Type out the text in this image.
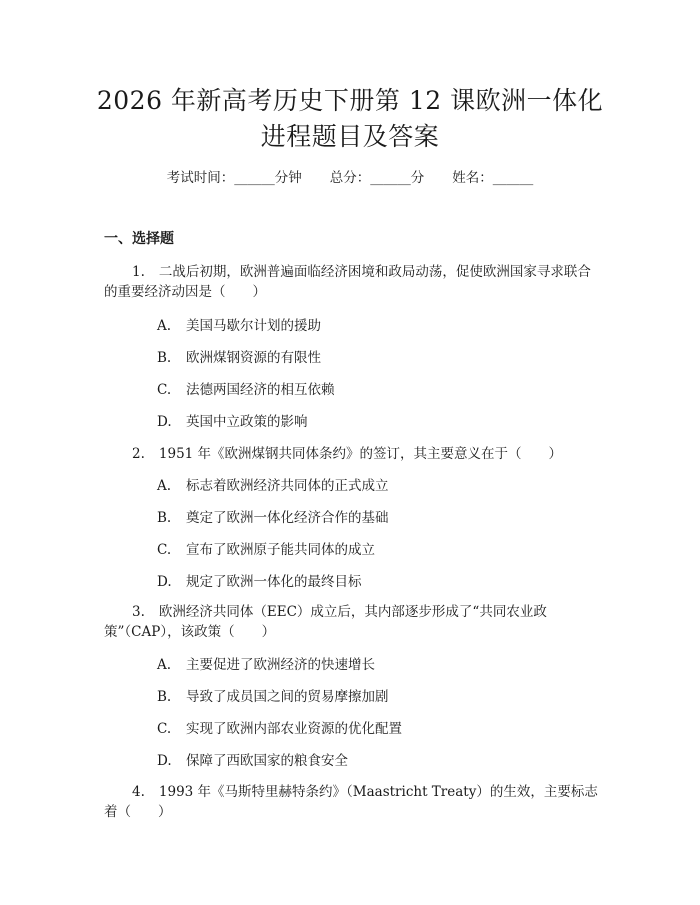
2026 年新高考历史下册第 12 课欧洲一体化
进程题目及答案
考试时间：______分钟 总分：______分 姓名：______
一、选择题
1. 二战后初期，欧洲普遍面临经济困境和政局动荡，促使欧洲国家寻求联合的重要经济动因是（　　）
A. 美国马歇尔计划的援助
B. 欧洲煤钢资源的有限性
C. 法德两国经济的相互依赖
D. 英国中立政策的影响
2. 1951 年《欧洲煤钢共同体条约》的签订，其主要意义在于（　　）
A. 标志着欧洲经济共同体的正式成立
B. 奠定了欧洲一体化经济合作的基础
C. 宣布了欧洲原子能共同体的成立
D. 规定了欧洲一体化的最终目标
3. 欧洲经济共同体（EEC）成立后，其内部逐步形成了“共同农业政策”（CAP），该政策（　　）
A. 主要促进了欧洲经济的快速增长
B. 导致了成员国之间的贸易摩擦加剧
C. 实现了欧洲内部农业资源的优化配置
D. 保障了西欧国家的粮食安全
4. 1993 年《马斯特里赫特条约》（Maastricht Treaty）的生效，主要标志着（　　）
